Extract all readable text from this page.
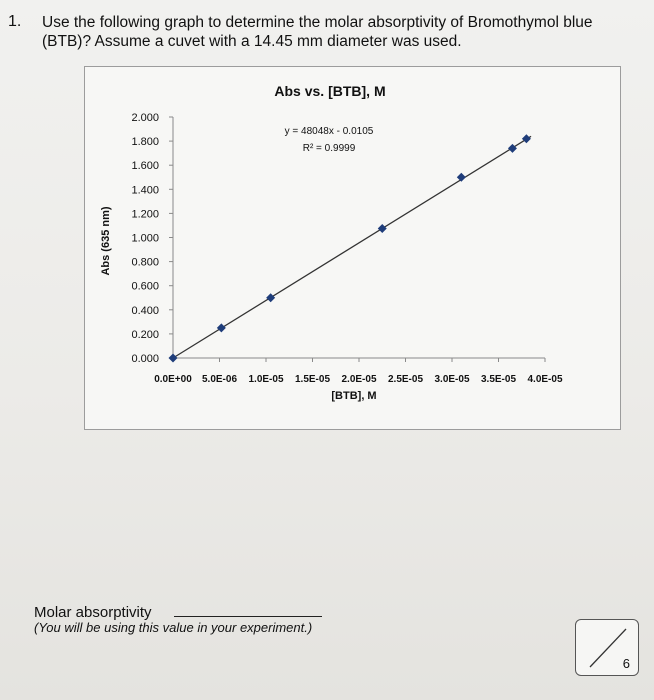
1. Use the following graph to determine the molar absorptivity of Bromothymol blue (BTB)? Assume a cuvet with a 14.45 mm diameter was used.
Abs vs. [BTB], M
Abs (635 nm)
[BTB], M
y = 48048x - 0.0105
R² = 0.9999
0.000
0.200
0.400
0.600
0.800
1.000
1.200
1.400
1.600
1.800
2.000
0.0E+00 5.0E-06 1.0E-05 1.5E-05 2.0E-05 2.5E-05 3.0E-05 3.5E-05 4.0E-05
Molar absorptivity
(You will be using this value in your experiment.)
6
